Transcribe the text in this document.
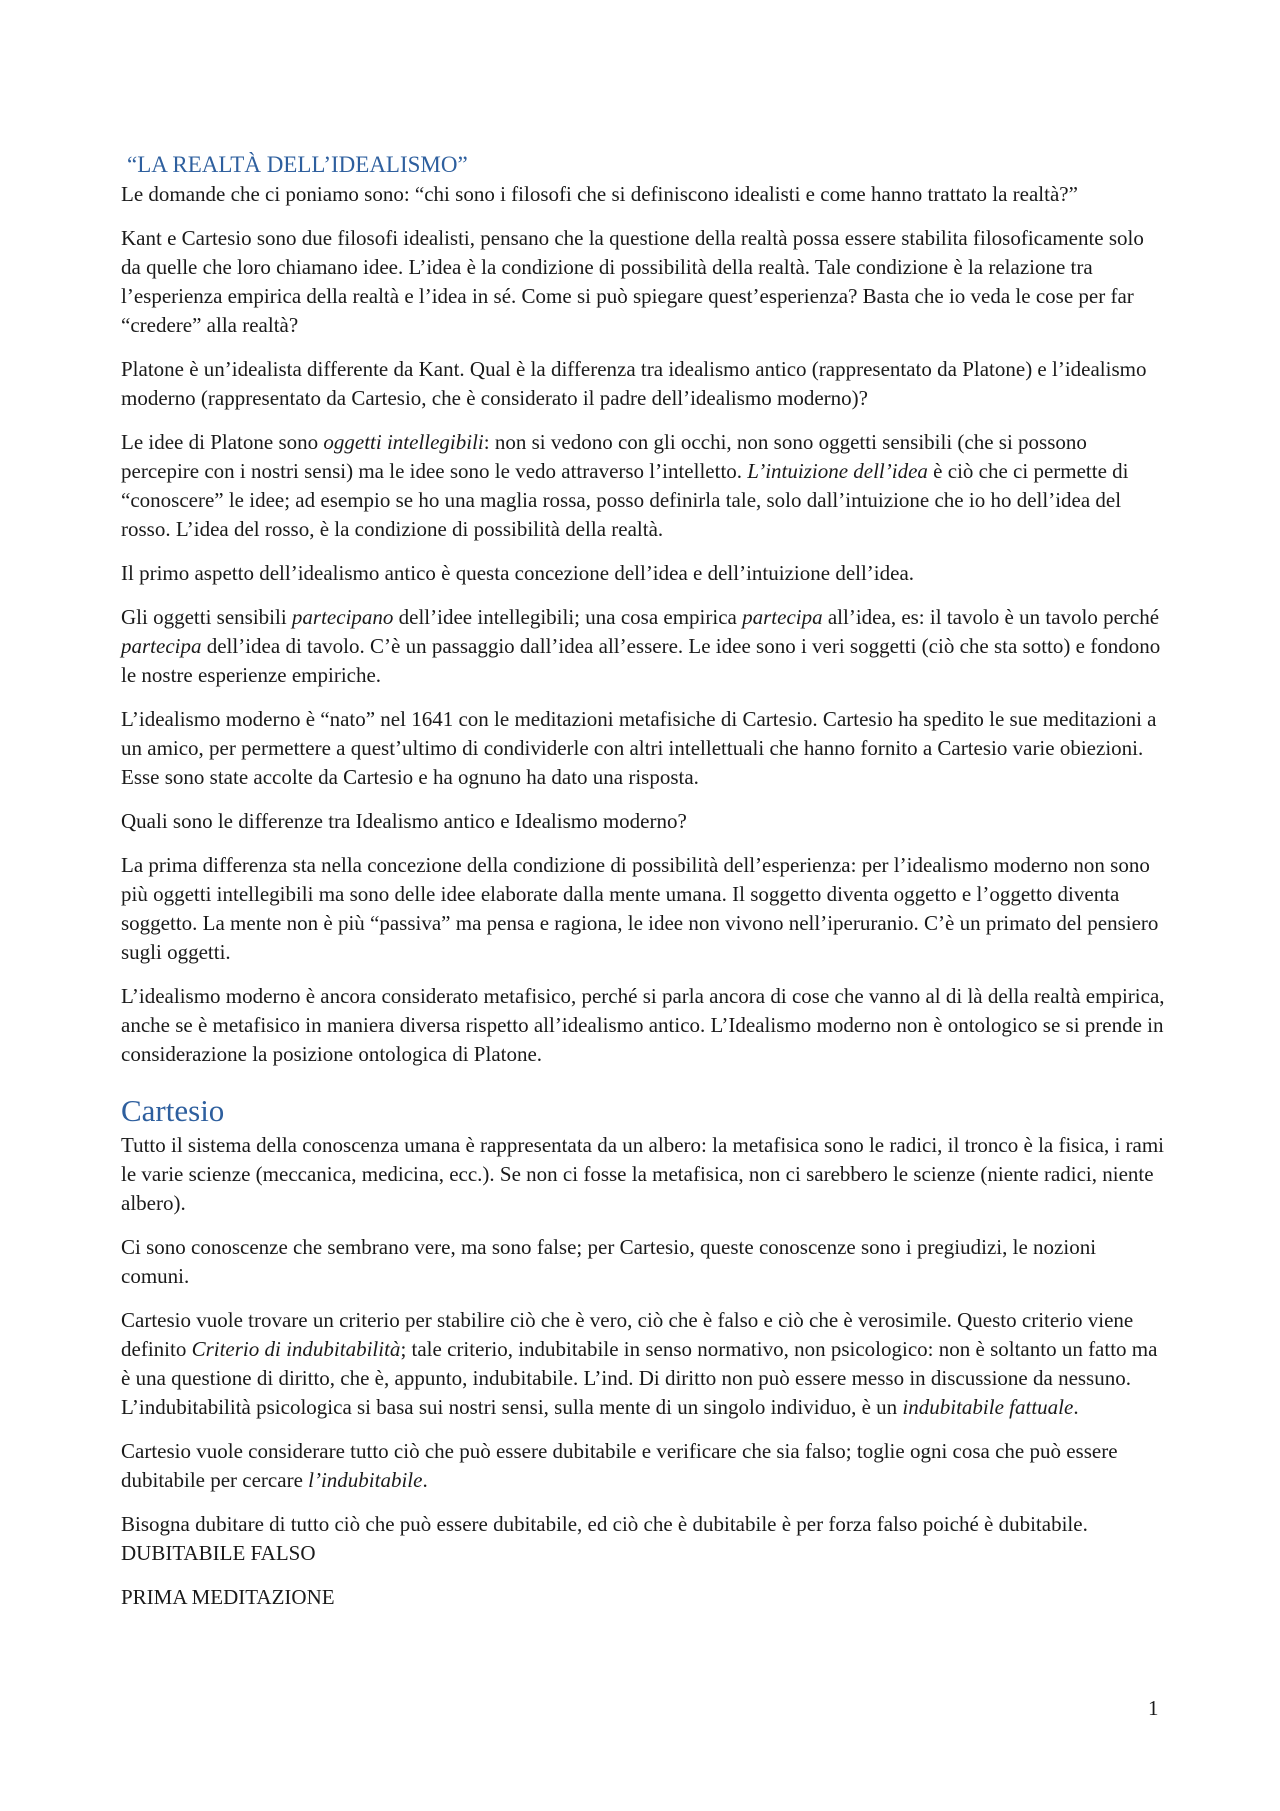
“LA REALTÀ DELL’IDEALISMO”

Le domande che ci poniamo sono: “chi sono i filosofi che si definiscono idealisti e come hanno trattato la realtà?”

Kant e Cartesio sono due filosofi idealisti, pensano che la questione della realtà possa essere stabilita filosoficamente solo da quelle che loro chiamano idee. L’idea è la condizione di possibilità della realtà. Tale condizione è la relazione tra l’esperienza empirica della realtà e l’idea in sé. Come si può spiegare quest’esperienza? Basta che io veda le cose per far “credere” alla realtà?

Platone è un’idealista differente da Kant. Qual è la differenza tra idealismo antico (rappresentato da Platone) e l’idealismo moderno (rappresentato da Cartesio, che è considerato il padre dell’idealismo moderno)?

Le idee di Platone sono oggetti intellegibili: non si vedono con gli occhi, non sono oggetti sensibili (che si possono percepire con i nostri sensi) ma le idee sono le vedo attraverso l’intelletto. L’intuizione dell’idea è ciò che ci permette di “conoscere” le idee; ad esempio se ho una maglia rossa, posso definirla tale, solo dall’intuizione che io ho dell’idea del rosso. L’idea del rosso, è la condizione di possibilità della realtà.

Il primo aspetto dell’idealismo antico è questa concezione dell’idea e dell’intuizione dell’idea.

Gli oggetti sensibili partecipano dell’idee intellegibili; una cosa empirica partecipa all’idea, es: il tavolo è un tavolo perché partecipa dell’idea di tavolo. C’è un passaggio dall’idea all’essere. Le idee sono i veri soggetti (ciò che sta sotto) e fondono le nostre esperienze empiriche.

L’idealismo moderno è “nato” nel 1641 con le meditazioni metafisiche di Cartesio. Cartesio ha spedito le sue meditazioni a un amico, per permettere a quest’ultimo di condividerle con altri intellettuali che hanno fornito a Cartesio varie obiezioni. Esse sono state accolte da Cartesio e ha ognuno ha dato una risposta.

Quali sono le differenze tra Idealismo antico e Idealismo moderno?

La prima differenza sta nella concezione della condizione di possibilità dell’esperienza: per l’idealismo moderno non sono più oggetti intellegibili ma sono delle idee elaborate dalla mente umana. Il soggetto diventa oggetto e l’oggetto diventa soggetto. La mente non è più “passiva” ma pensa e ragiona, le idee non vivono nell’iperuranio. C’è un primato del pensiero sugli oggetti.

L’idealismo moderno è ancora considerato metafisico, perché si parla ancora di cose che vanno al di là della realtà empirica, anche se è metafisico in maniera diversa rispetto all’idealismo antico. L’Idealismo moderno non è ontologico se si prende in considerazione la posizione ontologica di Platone.

Cartesio

Tutto il sistema della conoscenza umana è rappresentata da un albero: la metafisica sono le radici, il tronco è la fisica, i rami le varie scienze (meccanica, medicina, ecc.). Se non ci fosse la metafisica, non ci sarebbero le scienze (niente radici, niente albero).

Ci sono conoscenze che sembrano vere, ma sono false; per Cartesio, queste conoscenze sono i pregiudizi, le nozioni comuni.

Cartesio vuole trovare un criterio per stabilire ciò che è vero, ciò che è falso e ciò che è verosimile. Questo criterio viene definito Criterio di indubitabilità; tale criterio, indubitabile in senso normativo, non psicologico: non è soltanto un fatto ma è una questione di diritto, che è, appunto, indubitabile. L’ind. Di diritto non può essere messo in discussione da nessuno. L’indubitabilità psicologica si basa sui nostri sensi, sulla mente di un singolo individuo, è un indubitabile fattuale.

Cartesio vuole considerare tutto ciò che può essere dubitabile e verificare che sia falso; toglie ogni cosa che può essere dubitabile per cercare l’indubitabile.

Bisogna dubitare di tutto ciò che può essere dubitabile, ed ciò che è dubitabile è per forza falso poiché è dubitabile. DUBITABILE FALSO

PRIMA MEDITAZIONE

1
